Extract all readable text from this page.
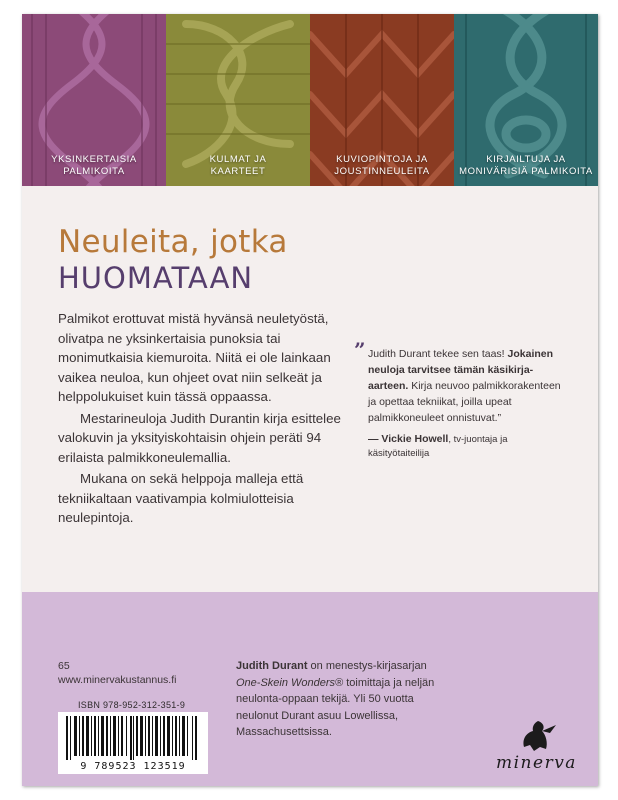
YKSINKERTAISIA
PALMIKOITA
KULMAT JA
KAARTEET
KUVIOPINTOJA JA
JOUSTINNEULEITA
KIRJAILTUJA JA
MONIVÄRISIÄ PALMIKOITA
Neuleita, jotka
HUOMATAAN

Palmikot erottuvat mistä hyvänsä neuletyöstä, olivatpa ne yksinkertaisia punoksia tai monimutkaisia kiemuroita. Niitä ei ole lainkaan vaikea neuloa, kun ohjeet ovat niin selkeät ja helppolukuiset kuin tässä oppaassa.

Mestarineuloja Judith Durantin kirja esittelee valokuvin ja yksityiskohtaisin ohjein peräti 94 erilaista palmikkoneulemallia.

Mukana on sekä helppoja malleja että tekniikaltaan vaativampia kolmiulotteisia neulepintoja.

” Judith Durant tekee sen taas! Jokainen neuloja tarvitsee tämän käsikirja-aarteen. Kirja neuvoo palmikkorakenteen ja opettaa tekniikat, joilla upeat palmikkoneuleet onnistuvat.”
— Vickie Howell, tv-juontaja ja käsityötaiteilija
65
www.minervakustannus.fi
ISBN 978-952-312-351-9
9 789523 123519
Judith Durant on menestys-kirjasarjan One-Skein Wonders® toimittaja ja neljän neulonta-oppaan tekijä. Yli 50 vuotta neulonut Durant asuu Lowellissa, Massachusettsissa.
minerva
